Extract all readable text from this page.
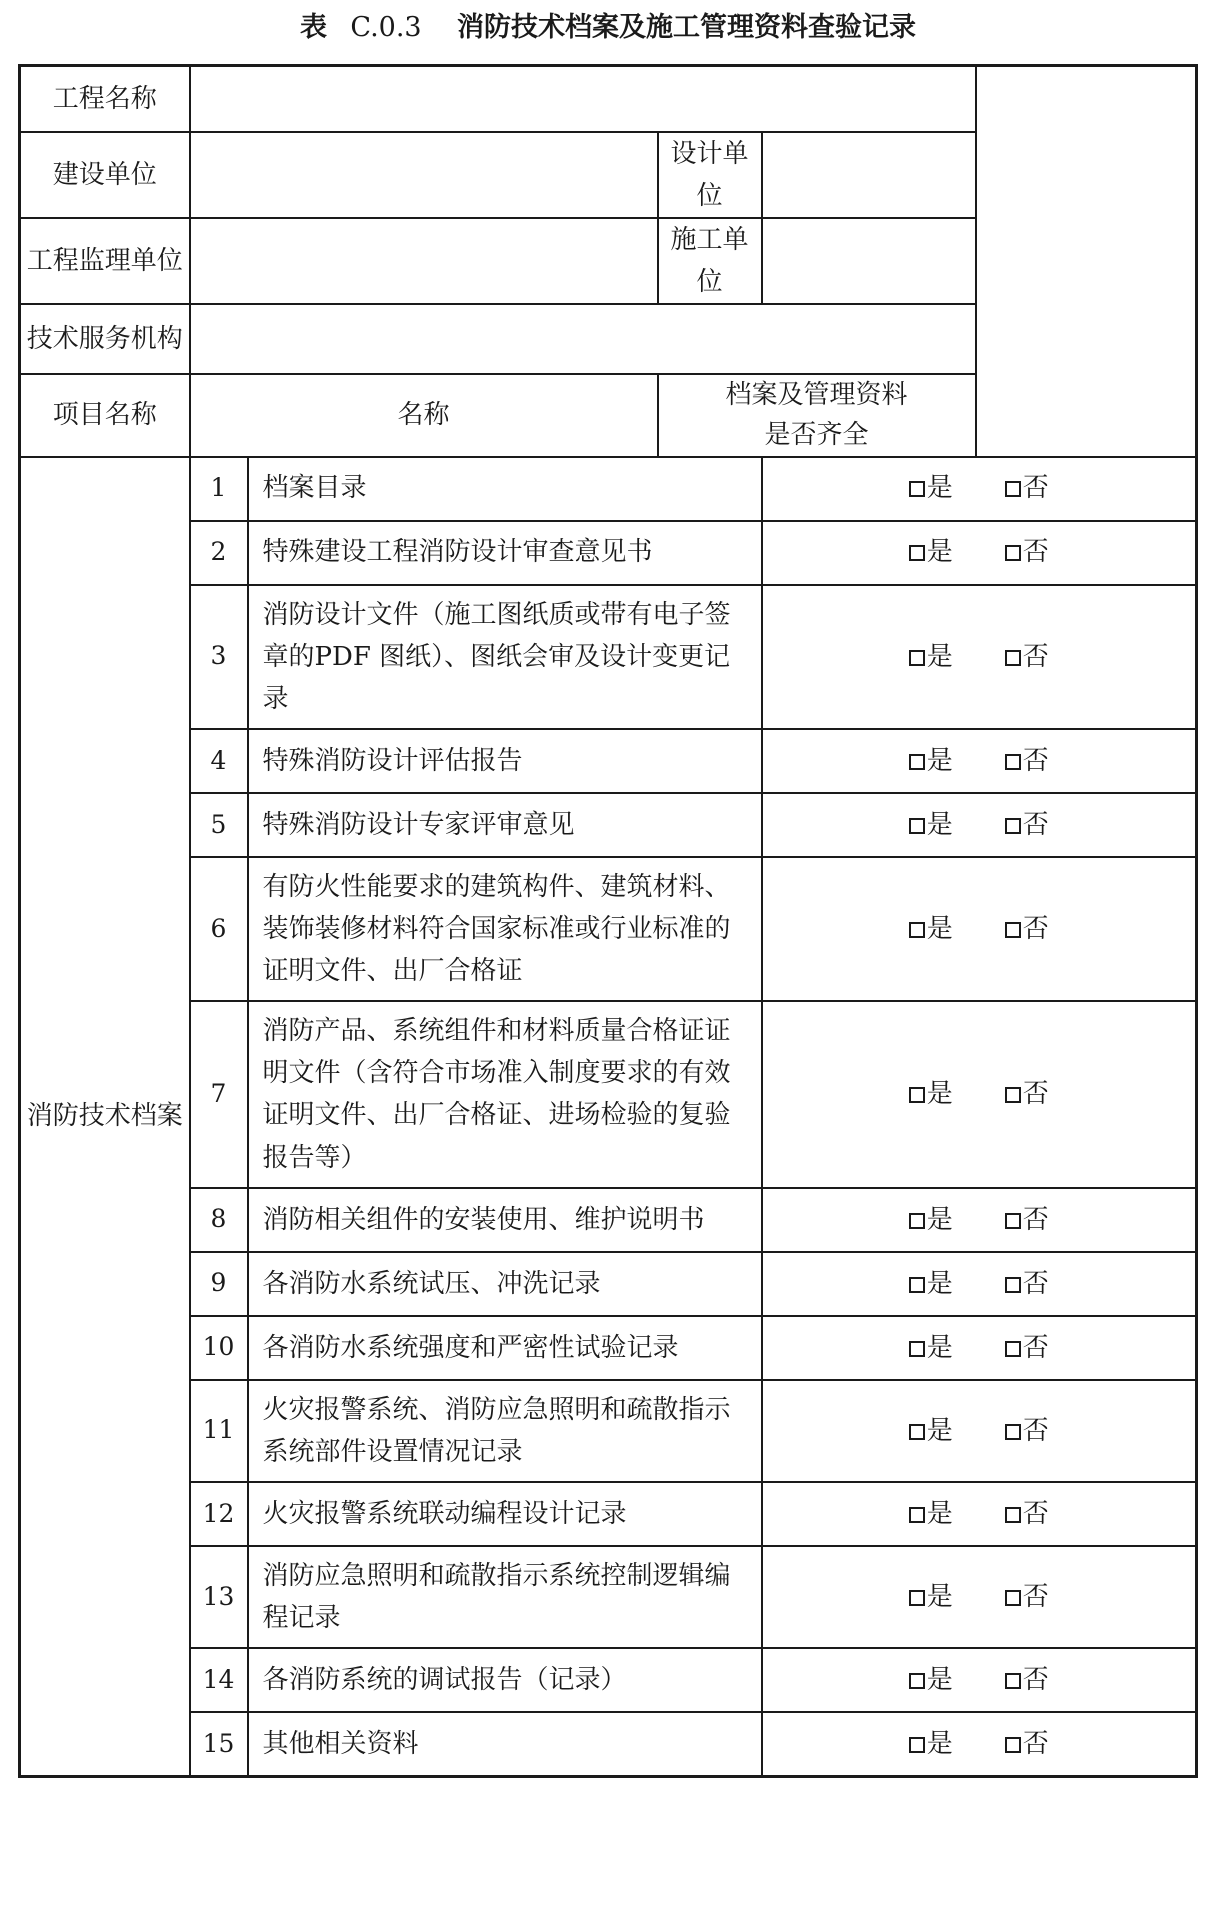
表 C.0.3 消防技术档案及施工管理资料查验记录
工程名称				
建设单位			设计单位	
工程监理单位			施工单位	
技术服务机构				
项目名称	名称		档案及管理资料
是否齐全	

消防技术档案	1	档案目录		是 否
	2	特殊建设工程消防设计审查意见书		是 否
	3	消防设计文件（施工图纸质或带有电子签章的PDF 图纸）、图纸会审及设计变更记录		是 否
	4	特殊消防设计评估报告		是 否
	5	特殊消防设计专家评审意见		是 否
	6	有防火性能要求的建筑构件、建筑材料、装饰装修材料符合国家标准或行业标准的证明文件、出厂合格证		是 否
	7	消防产品、系统组件和材料质量合格证证明文件（含符合市场准入制度要求的有效证明文件、出厂合格证、进场检验的复验报告等）		是 否
	8	消防相关组件的安装使用、维护说明书		是 否
	9	各消防水系统试压、冲洗记录		是 否
	10	各消防水系统强度和严密性试验记录		是 否
	11	火灾报警系统、消防应急照明和疏散指示系统部件设置情况记录		是 否
	12	火灾报警系统联动编程设计记录		是 否
	13	消防应急照明和疏散指示系统控制逻辑编程记录		是 否
	14	各消防系统的调试报告（记录）		是 否
	15	其他相关资料		是 否
